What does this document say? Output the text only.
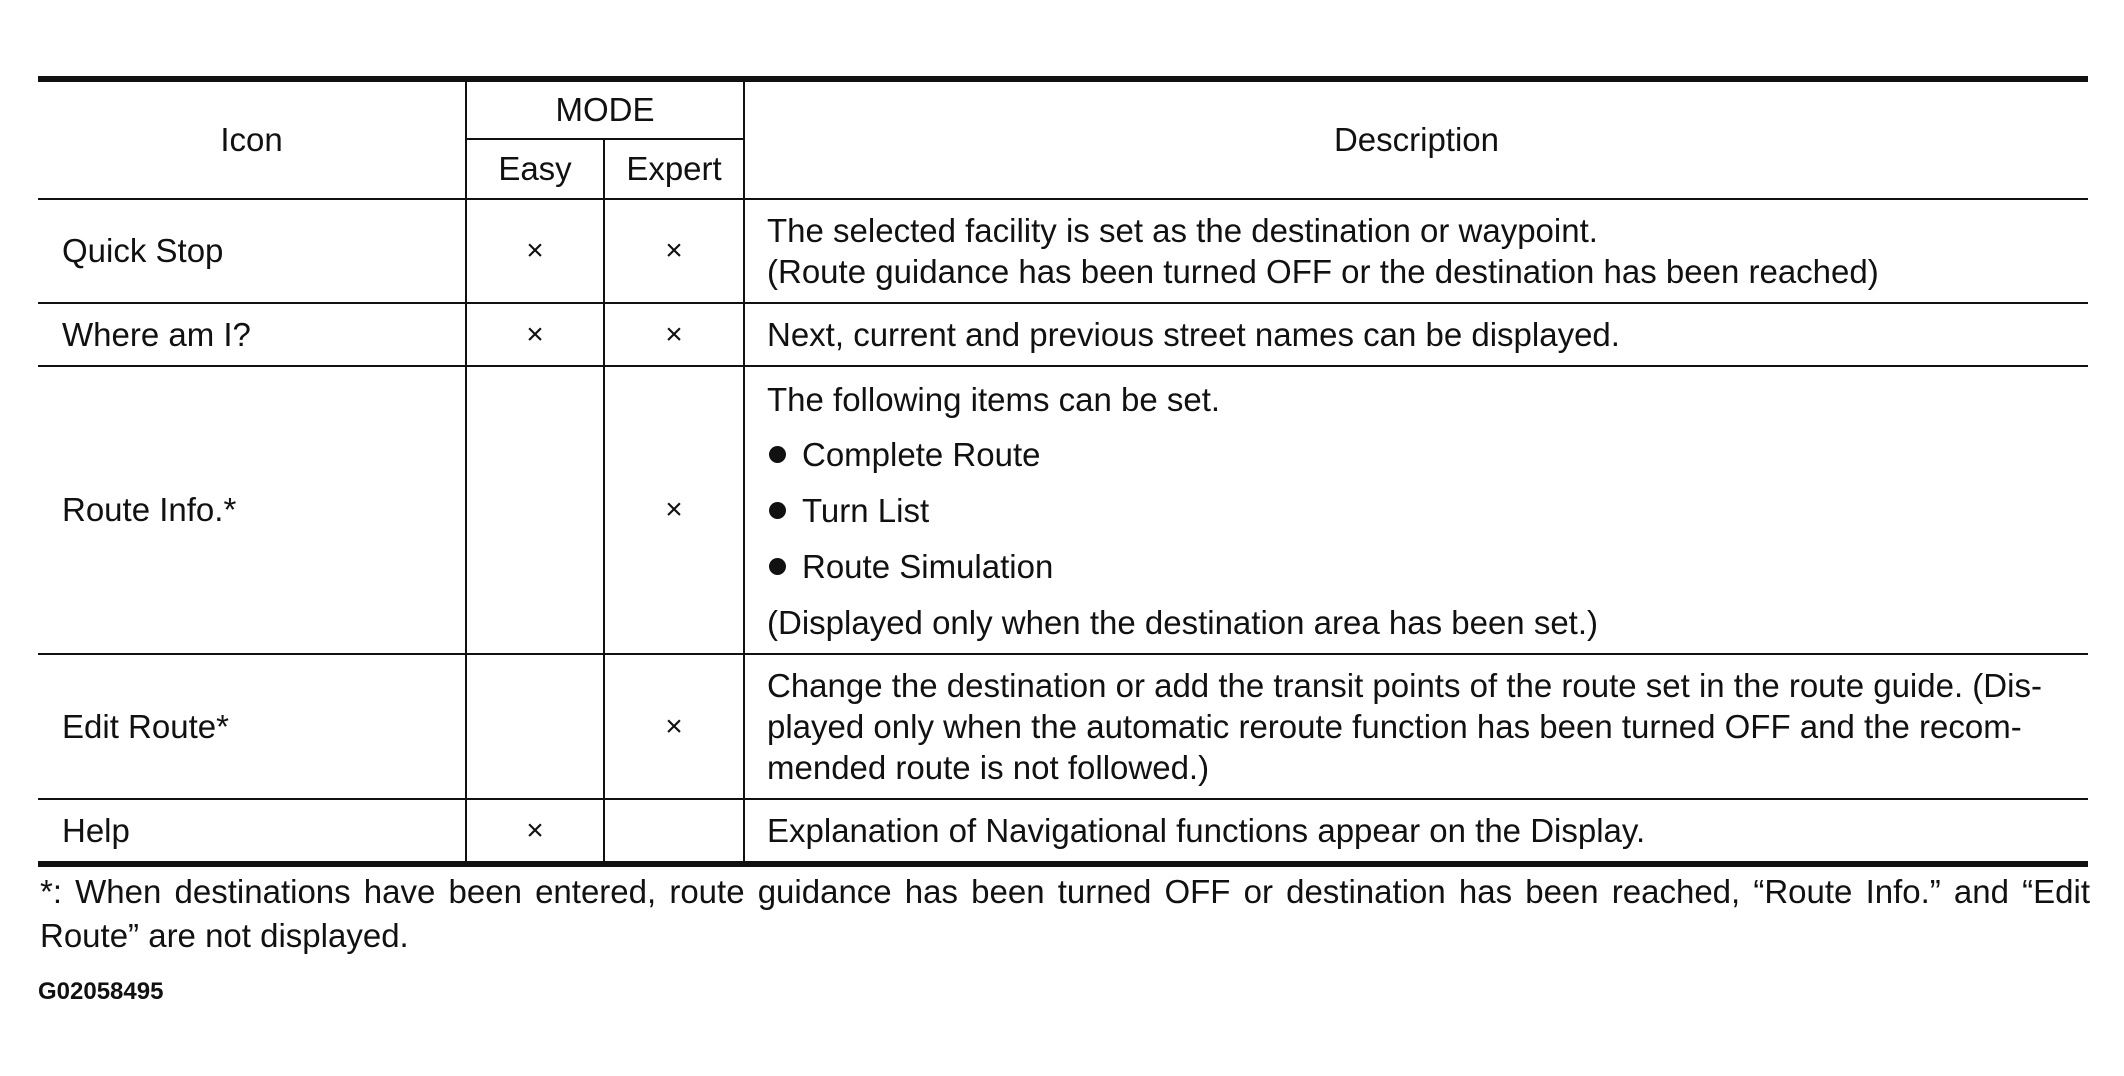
Icon	MODE		Description
	Easy	Expert	
Quick Stop	×	×	The selected facility is set as the destination or waypoint.
(Route guidance has been turned OFF or the destination has been reached)

Where am I?	×	×	Next, current and previous street names can be displayed.

Route Info.*		×	The following items can be set.
Complete Route
Turn List
Route Simulation
(Displayed only when the destination area has been set.)

Edit Route*		×	Change the destination or add the transit points of the route set in the route guide. (Dis-
played only when the automatic reroute function has been turned OFF and the recom-
mended route is not followed.)

Help	×		Explanation of Navigational functions appear on the Display.
*: When destinations have been entered, route guidance has been turned OFF or destination has been reached, “Route Info.” and “Edit Route” are not displayed.
G02058495
